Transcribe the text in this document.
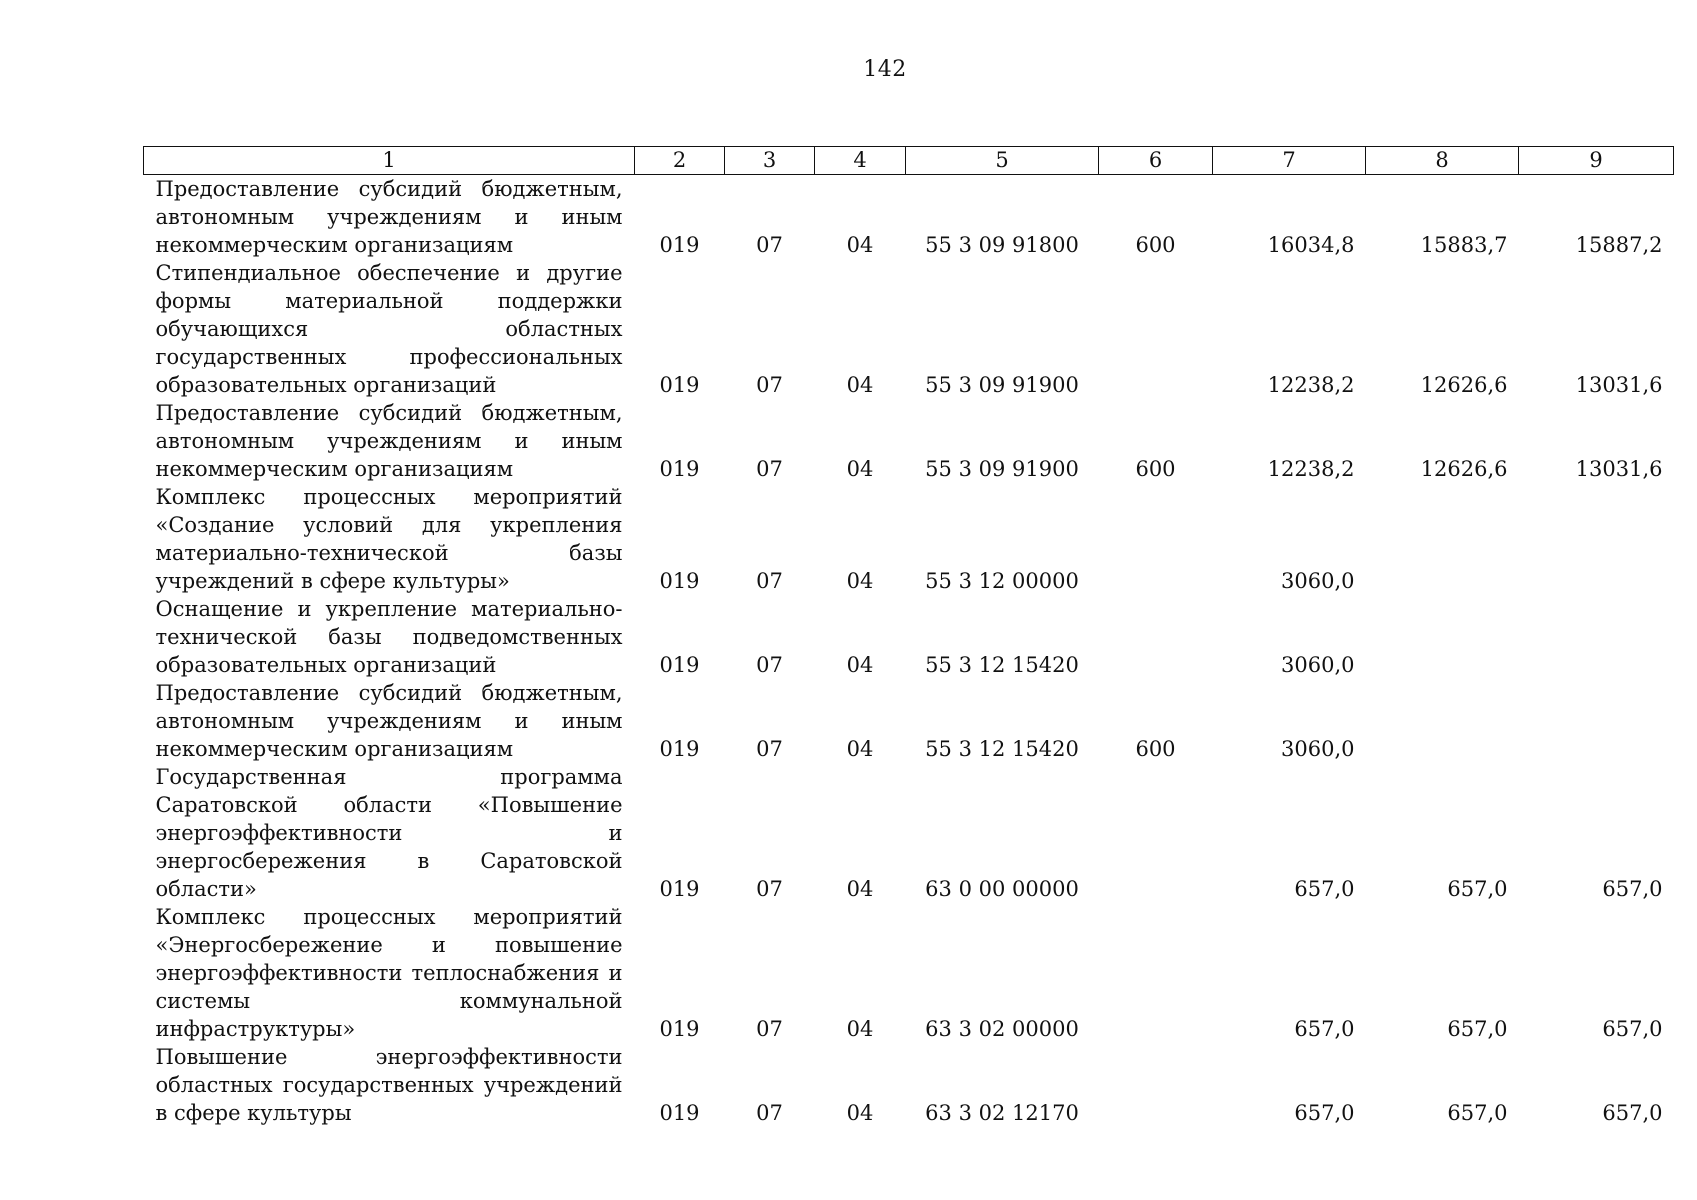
142
1	2	3	4	5	6	7	8	9
Предоставление субсидий бюджетным, автономным учреждениям и иным некоммерческим организациям	019	07	04	55 3 09 91800	600	16034,8	15883,7	15887,2
Стипендиальное обеспечение и другие формы материальной поддержки обучающихся областных государственных профессиональных образовательных организаций	019	07	04	55 3 09 91900		12238,2	12626,6	13031,6
Предоставление субсидий бюджетным, автономным учреждениям и иным некоммерческим организациям	019	07	04	55 3 09 91900	600	12238,2	12626,6	13031,6
Комплекс процессных мероприятий «Создание условий для укрепления материально-технической базы учреждений в сфере культуры»	019	07	04	55 3 12 00000		3060,0		
Оснащение и укрепление материально-технической базы подведомственных образовательных организаций	019	07	04	55 3 12 15420		3060,0		
Предоставление субсидий бюджетным, автономным учреждениям и иным некоммерческим организациям	019	07	04	55 3 12 15420	600	3060,0		
Государственная программа Саратовской области «Повышение энергоэффективности и энергосбережения в Саратовской области»	019	07	04	63 0 00 00000		657,0	657,0	657,0
Комплекс процессных мероприятий «Энергосбережение и повышение энергоэффективности теплоснабжения и системы коммунальной инфраструктуры»	019	07	04	63 3 02 00000		657,0	657,0	657,0
Повышение энергоэффективности областных государственных учреждений в сфере культуры	019	07	04	63 3 02 12170		657,0	657,0	657,0
